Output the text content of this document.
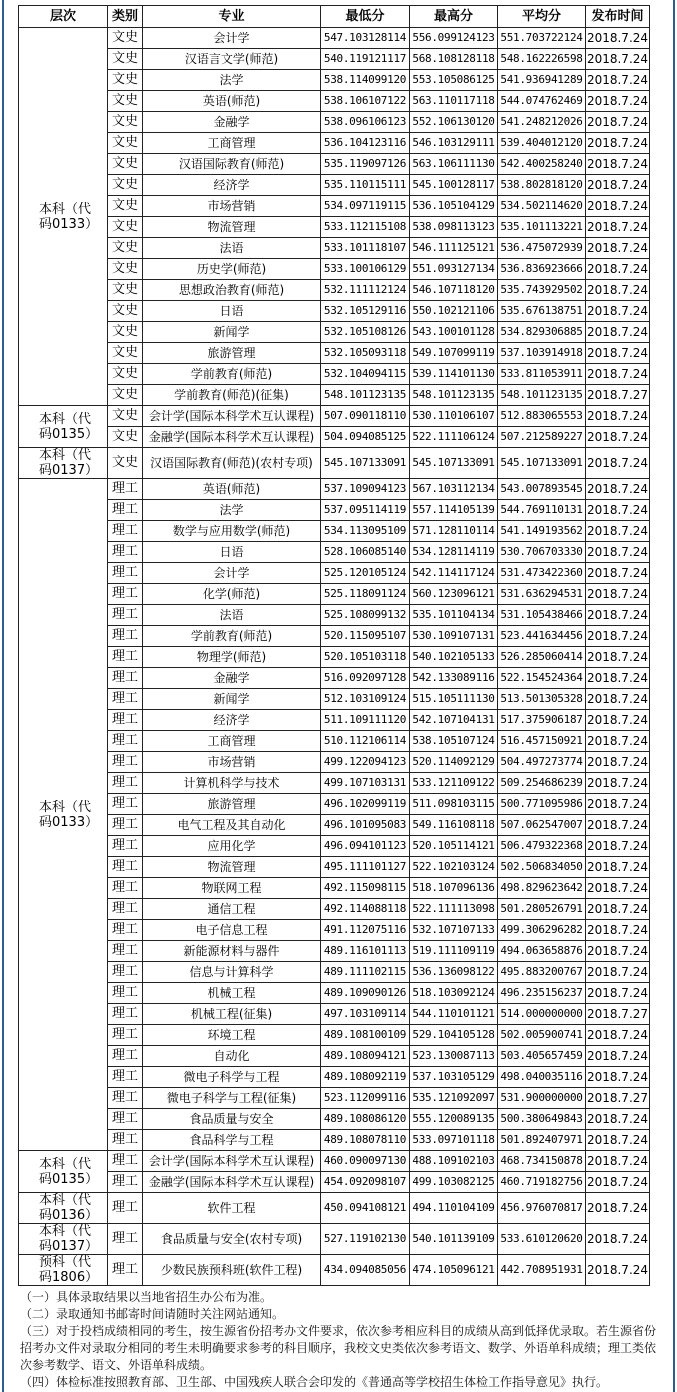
层次	类别	专业	最低分	最高分	平均分	发布时间
本科（代码0133）	文史	会计学	547.103128114	556.099124123	551.703722124	2018.7.24
	文史	汉语言文学(师范)	540.119121117	568.108128118	548.162226598	2018.7.24
	文史	法学	538.114099120	553.105086125	541.936941289	2018.7.24
	文史	英语(师范)	538.106107122	563.110117118	544.074762469	2018.7.24
	文史	金融学	538.096106123	552.106130120	541.248212026	2018.7.24
	文史	工商管理	536.104123116	546.103129111	539.404012120	2018.7.24
	文史	汉语国际教育(师范)	535.119097126	563.106111130	542.400258240	2018.7.24
	文史	经济学	535.110115111	545.100128117	538.802818120	2018.7.24
	文史	市场营销	534.097119115	536.105104129	534.502114620	2018.7.24
	文史	物流管理	533.112115108	538.098113123	535.101113221	2018.7.24
	文史	法语	533.101118107	546.111125121	536.475072939	2018.7.24
	文史	历史学(师范)	533.100106129	551.093127134	536.836923666	2018.7.24
	文史	思想政治教育(师范)	532.111112124	546.107118120	535.743929502	2018.7.24
	文史	日语	532.105129116	550.102121106	535.676138751	2018.7.24
	文史	新闻学	532.105108126	543.100101128	534.829306885	2018.7.24
	文史	旅游管理	532.105093118	549.107099119	537.103914918	2018.7.24
	文史	学前教育(师范)	532.104094115	539.114101130	533.811053911	2018.7.24
	文史	学前教育(师范)(征集)	548.101123135	548.101123135	548.101123135	2018.7.27
本科（代码0135）	文史	会计学(国际本科学术互认课程)	507.090118110	530.110106107	512.883065553	2018.7.24
	文史	金融学(国际本科学术互认课程)	504.094085125	522.111106124	507.212589227	2018.7.24
本科（代码0137）	文史	汉语国际教育(师范)(农村专项)	545.107133091	545.107133091	545.107133091	2018.7.24
本科（代码0133）	理工	英语(师范)	537.109094123	567.103112134	543.007893545	2018.7.24
	理工	法学	537.095114119	557.114105139	544.769110131	2018.7.24
	理工	数学与应用数学(师范)	534.113095109	571.128110114	541.149193562	2018.7.24
	理工	日语	528.106085140	534.128114119	530.706703330	2018.7.24
	理工	会计学	525.120105124	542.114117124	531.473422360	2018.7.24
	理工	化学(师范)	525.118091124	560.123096121	531.636294531	2018.7.24
	理工	法语	525.108099132	535.101104134	531.105438466	2018.7.24
	理工	学前教育(师范)	520.115095107	530.109107131	523.441634456	2018.7.24
	理工	物理学(师范)	520.105103118	540.102105133	526.285060414	2018.7.24
	理工	金融学	516.092097128	542.133089116	522.154524364	2018.7.24
	理工	新闻学	512.103109124	515.105111130	513.501305328	2018.7.24
	理工	经济学	511.109111120	542.107104131	517.375906187	2018.7.24
	理工	工商管理	510.112106114	538.105107124	516.457150921	2018.7.24
	理工	市场营销	499.122094123	520.114092129	504.497273774	2018.7.24
	理工	计算机科学与技术	499.107103131	533.121109122	509.254686239	2018.7.24
	理工	旅游管理	496.102099119	511.098103115	500.771095986	2018.7.24
	理工	电气工程及其自动化	496.101095083	549.116108118	507.062547007	2018.7.24
	理工	应用化学	496.094101123	520.105114121	506.479322368	2018.7.24
	理工	物流管理	495.111101127	522.102103124	502.506834050	2018.7.24
	理工	物联网工程	492.115098115	518.107096136	498.829623642	2018.7.24
	理工	通信工程	492.114088118	522.111113098	501.280526791	2018.7.24
	理工	电子信息工程	491.112075116	532.107107133	499.306296282	2018.7.24
	理工	新能源材料与器件	489.116101113	519.111109119	494.063658876	2018.7.24
	理工	信息与计算科学	489.111102115	536.136098122	495.883200767	2018.7.24
	理工	机械工程	489.109090126	518.103092124	496.235156237	2018.7.24
	理工	机械工程(征集)	497.103109114	544.110101121	514.000000000	2018.7.27
	理工	环境工程	489.108100109	529.104105128	502.005900741	2018.7.24
	理工	自动化	489.108094121	523.130087113	503.405657459	2018.7.24
	理工	微电子科学与工程	489.108092119	537.103105129	498.040035116	2018.7.24
	理工	微电子科学与工程(征集)	523.112099116	535.121092097	531.900000000	2018.7.27
	理工	食品质量与安全	489.108086120	555.120089135	500.380649843	2018.7.24
	理工	食品科学与工程	489.108078110	533.097101118	501.892407971	2018.7.24
本科（代码0135）	理工	会计学(国际本科学术互认课程)	460.090097130	488.109102103	468.734150878	2018.7.24
	理工	金融学(国际本科学术互认课程)	454.092098107	499.103082125	460.719182756	2018.7.24
本科（代码0136）	理工	软件工程	450.094108121	494.110104109	456.976070817	2018.7.24
本科（代码0137）	理工	食品质量与安全(农村专项)	527.119102130	540.101139109	533.610120620	2018.7.24
预科（代码1806）	理工	少数民族预科班(软件工程)	434.094085056	474.105096121	442.708951931	2018.7.24

（一）具体录取结果以当地省招生办公布为准。

（二）录取通知书邮寄时间请随时关注网站通知。

（三）对于投档成绩相同的考生，按生源省份招考办文件要求，依次参考相应科目的成绩从高到低择优录取。若生源省份招考办文件对录取分相同的考生未明确要求参考的科目顺序，我校文史类依次参考语文、数学、外语单科成绩；理工类依次参考数学、语文、外语单科成绩。

（四）体检标准按照教育部、卫生部、中国残疾人联合会印发的《普通高等学校招生体检工作指导意见》执行。
